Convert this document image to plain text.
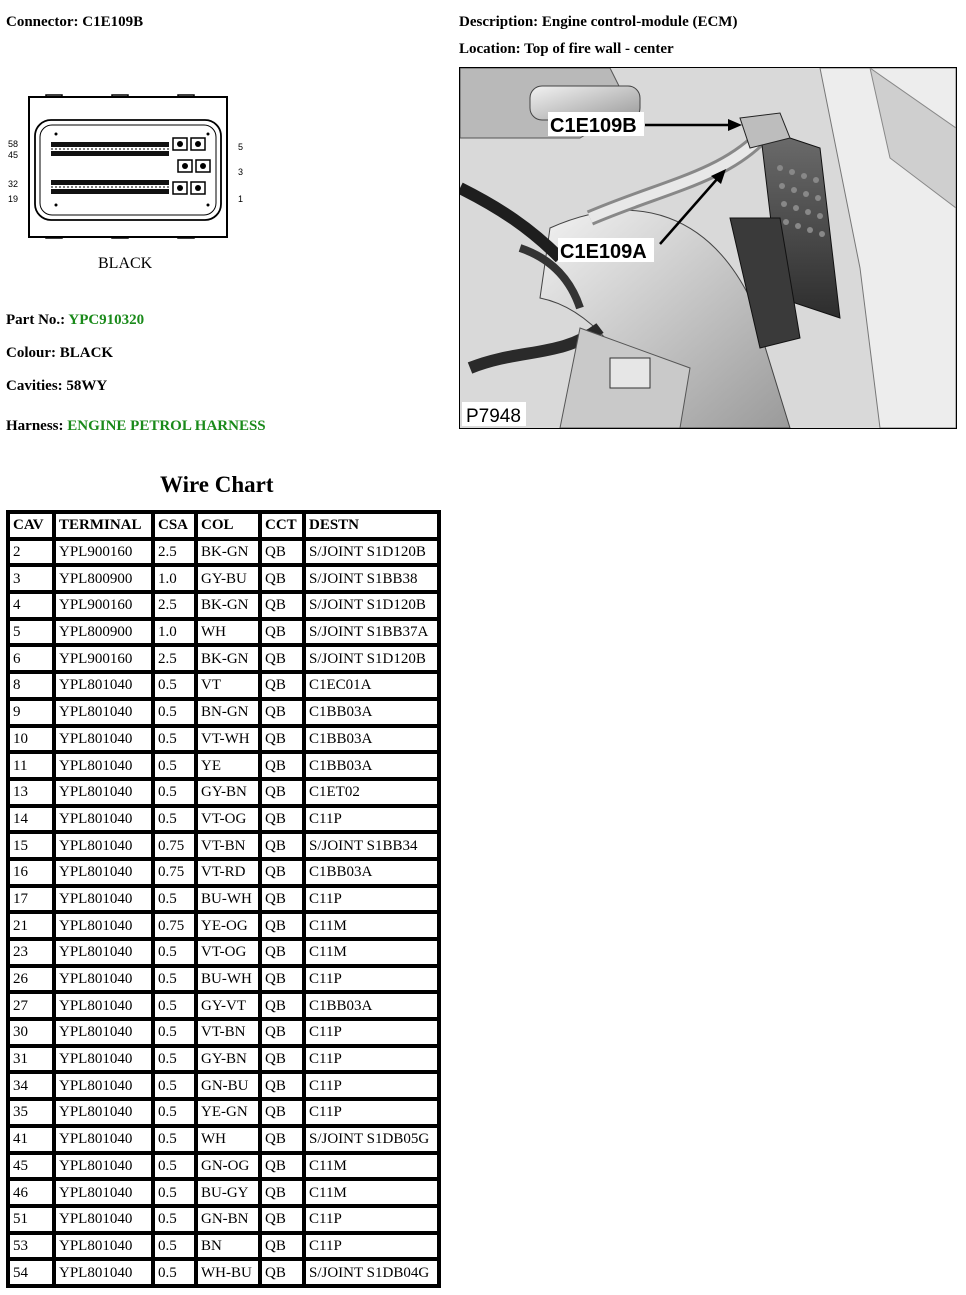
Connector: C1E109B
58
45
32
19
5
3
1
BLACK
Part No.: YPC910320
Colour: BLACK
Cavities: 58WY
Harness: ENGINE PETROL HARNESS
Description: Engine control-module (ECM)
Location: Top of fire wall - center
C1E109B
C1E109A
P7948
Wire Chart
CAV	TERMINAL	CSA	COL	CCT	DESTN
2	YPL900160	2.5	BK-GN	QB	S/JOINT S1D120B
3	YPL800900	1.0	GY-BU	QB	S/JOINT S1BB38
4	YPL900160	2.5	BK-GN	QB	S/JOINT S1D120B
5	YPL800900	1.0	WH	QB	S/JOINT S1BB37A
6	YPL900160	2.5	BK-GN	QB	S/JOINT S1D120B
8	YPL801040	0.5	VT	QB	C1EC01A
9	YPL801040	0.5	BN-GN	QB	C1BB03A
10	YPL801040	0.5	VT-WH	QB	C1BB03A
11	YPL801040	0.5	YE	QB	C1BB03A
13	YPL801040	0.5	GY-BN	QB	C1ET02
14	YPL801040	0.5	VT-OG	QB	C11P
15	YPL801040	0.75	VT-BN	QB	S/JOINT S1BB34
16	YPL801040	0.75	VT-RD	QB	C1BB03A
17	YPL801040	0.5	BU-WH	QB	C11P
21	YPL801040	0.75	YE-OG	QB	C11M
23	YPL801040	0.5	VT-OG	QB	C11M
26	YPL801040	0.5	BU-WH	QB	C11P
27	YPL801040	0.5	GY-VT	QB	C1BB03A
30	YPL801040	0.5	VT-BN	QB	C11P
31	YPL801040	0.5	GY-BN	QB	C11P
34	YPL801040	0.5	GN-BU	QB	C11P
35	YPL801040	0.5	YE-GN	QB	C11P
41	YPL801040	0.5	WH	QB	S/JOINT S1DB05G
45	YPL801040	0.5	GN-OG	QB	C11M
46	YPL801040	0.5	BU-GY	QB	C11M
51	YPL801040	0.5	GN-BN	QB	C11P
53	YPL801040	0.5	BN	QB	C11P
54	YPL801040	0.5	WH-BU	QB	S/JOINT S1DB04G
